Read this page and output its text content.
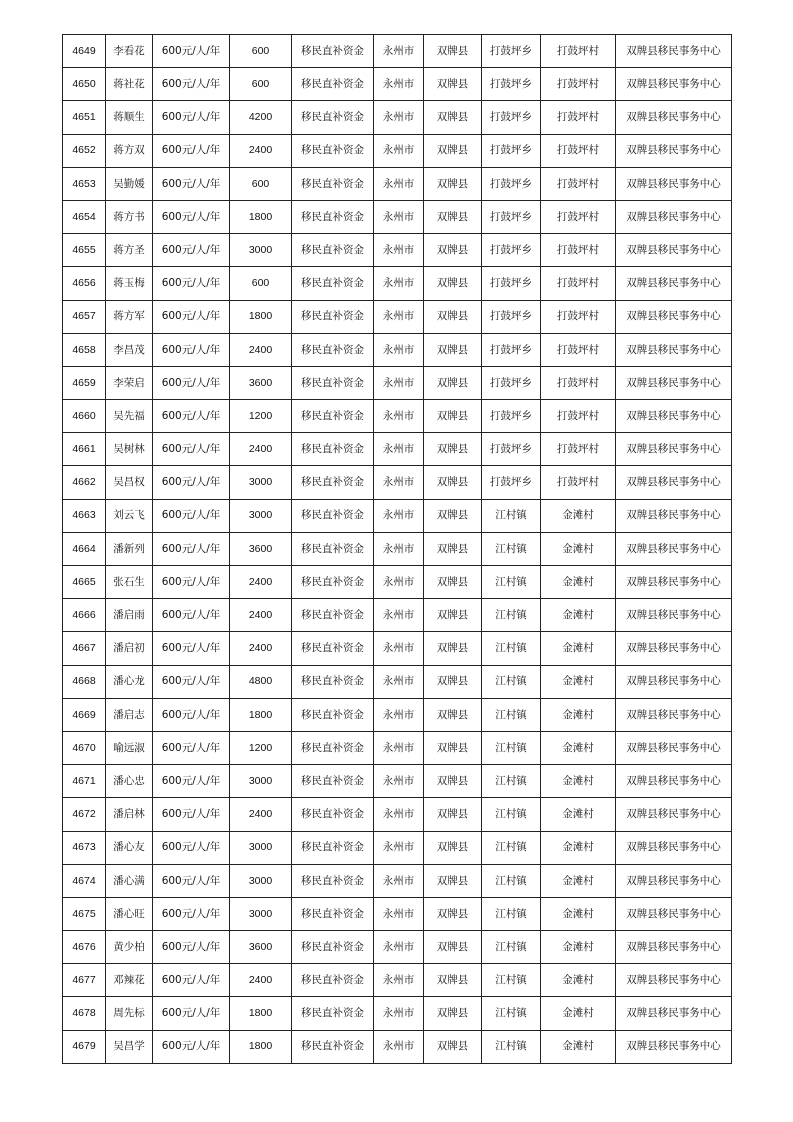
4649	李看花	600元/人/年	600	移民直补资金	永州市	双牌县	打鼓坪乡	打鼓坪村	双牌县移民事务中心
4650	蒋社花	600元/人/年	600	移民直补资金	永州市	双牌县	打鼓坪乡	打鼓坪村	双牌县移民事务中心
4651	蒋顺生	600元/人/年	4200	移民直补资金	永州市	双牌县	打鼓坪乡	打鼓坪村	双牌县移民事务中心
4652	蒋方双	600元/人/年	2400	移民直补资金	永州市	双牌县	打鼓坪乡	打鼓坪村	双牌县移民事务中心
4653	吴勤媛	600元/人/年	600	移民直补资金	永州市	双牌县	打鼓坪乡	打鼓坪村	双牌县移民事务中心
4654	蒋方书	600元/人/年	1800	移民直补资金	永州市	双牌县	打鼓坪乡	打鼓坪村	双牌县移民事务中心
4655	蒋方圣	600元/人/年	3000	移民直补资金	永州市	双牌县	打鼓坪乡	打鼓坪村	双牌县移民事务中心
4656	蒋玉梅	600元/人/年	600	移民直补资金	永州市	双牌县	打鼓坪乡	打鼓坪村	双牌县移民事务中心
4657	蒋方军	600元/人/年	1800	移民直补资金	永州市	双牌县	打鼓坪乡	打鼓坪村	双牌县移民事务中心
4658	李昌茂	600元/人/年	2400	移民直补资金	永州市	双牌县	打鼓坪乡	打鼓坪村	双牌县移民事务中心
4659	李荣启	600元/人/年	3600	移民直补资金	永州市	双牌县	打鼓坪乡	打鼓坪村	双牌县移民事务中心
4660	吴先福	600元/人/年	1200	移民直补资金	永州市	双牌县	打鼓坪乡	打鼓坪村	双牌县移民事务中心
4661	吴树林	600元/人/年	2400	移民直补资金	永州市	双牌县	打鼓坪乡	打鼓坪村	双牌县移民事务中心
4662	吴昌权	600元/人/年	3000	移民直补资金	永州市	双牌县	打鼓坪乡	打鼓坪村	双牌县移民事务中心
4663	刘云飞	600元/人/年	3000	移民直补资金	永州市	双牌县	江村镇	金滩村	双牌县移民事务中心
4664	潘新列	600元/人/年	3600	移民直补资金	永州市	双牌县	江村镇	金滩村	双牌县移民事务中心
4665	张石生	600元/人/年	2400	移民直补资金	永州市	双牌县	江村镇	金滩村	双牌县移民事务中心
4666	潘启雨	600元/人/年	2400	移民直补资金	永州市	双牌县	江村镇	金滩村	双牌县移民事务中心
4667	潘启初	600元/人/年	2400	移民直补资金	永州市	双牌县	江村镇	金滩村	双牌县移民事务中心
4668	潘心龙	600元/人/年	4800	移民直补资金	永州市	双牌县	江村镇	金滩村	双牌县移民事务中心
4669	潘启志	600元/人/年	1800	移民直补资金	永州市	双牌县	江村镇	金滩村	双牌县移民事务中心
4670	喻远淑	600元/人/年	1200	移民直补资金	永州市	双牌县	江村镇	金滩村	双牌县移民事务中心
4671	潘心忠	600元/人/年	3000	移民直补资金	永州市	双牌县	江村镇	金滩村	双牌县移民事务中心
4672	潘启林	600元/人/年	2400	移民直补资金	永州市	双牌县	江村镇	金滩村	双牌县移民事务中心
4673	潘心友	600元/人/年	3000	移民直补资金	永州市	双牌县	江村镇	金滩村	双牌县移民事务中心
4674	潘心满	600元/人/年	3000	移民直补资金	永州市	双牌县	江村镇	金滩村	双牌县移民事务中心
4675	潘心旺	600元/人/年	3000	移民直补资金	永州市	双牌县	江村镇	金滩村	双牌县移民事务中心
4676	黄少柏	600元/人/年	3600	移民直补资金	永州市	双牌县	江村镇	金滩村	双牌县移民事务中心
4677	邓辣花	600元/人/年	2400	移民直补资金	永州市	双牌县	江村镇	金滩村	双牌县移民事务中心
4678	周先标	600元/人/年	1800	移民直补资金	永州市	双牌县	江村镇	金滩村	双牌县移民事务中心
4679	吴昌学	600元/人/年	1800	移民直补资金	永州市	双牌县	江村镇	金滩村	双牌县移民事务中心
